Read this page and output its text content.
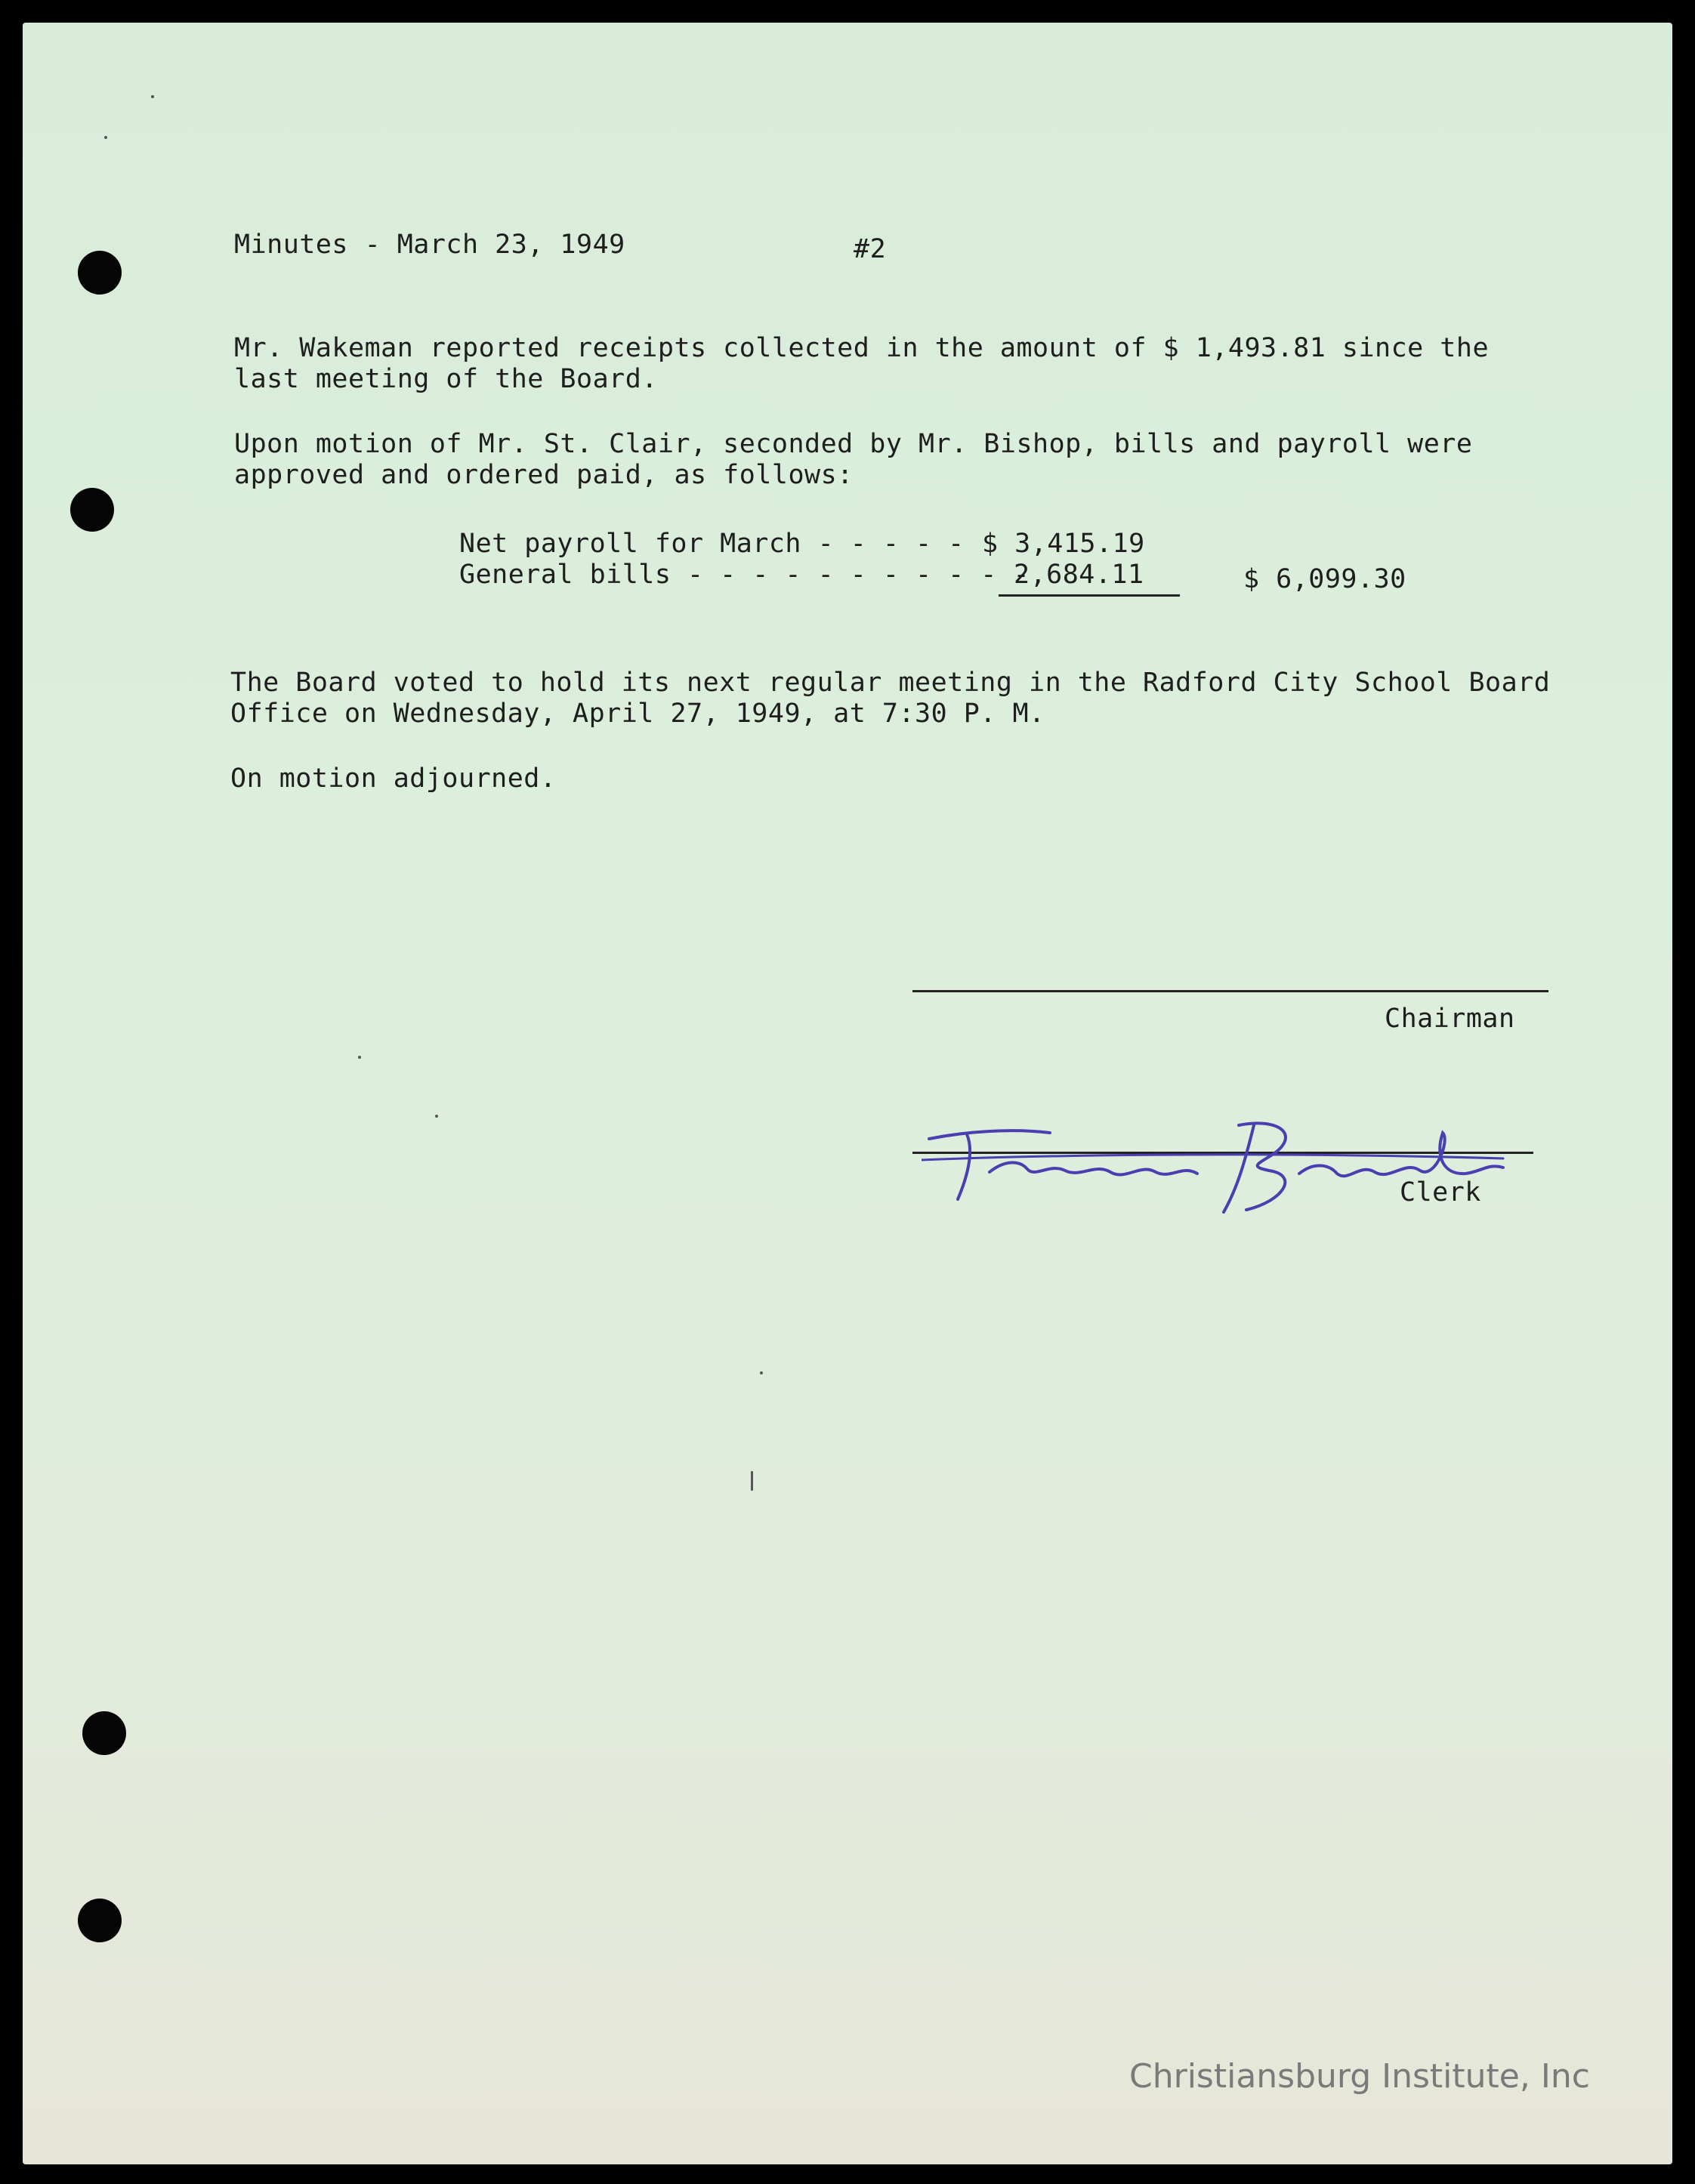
Minutes - March 23, 1949	#2
Mr. Wakeman reported receipts collected in the amount of $ 1,493.81 since the
last meeting of the Board.
Upon motion of Mr. St. Clair, seconded by Mr. Bishop, bills and payroll were
approved and ordered paid, as follows:
Net payroll for March - - - - - $ 3,415.19
General bills - - - - - - - - - - -
2,684.11	$ 6,099.30
The Board voted to hold its next regular meeting in the Radford City School Board
Office on Wednesday, April 27, 1949, at 7:30 P. M.
On motion adjourned.
Chairman
Clerk
Christiansburg Institute, Inc
